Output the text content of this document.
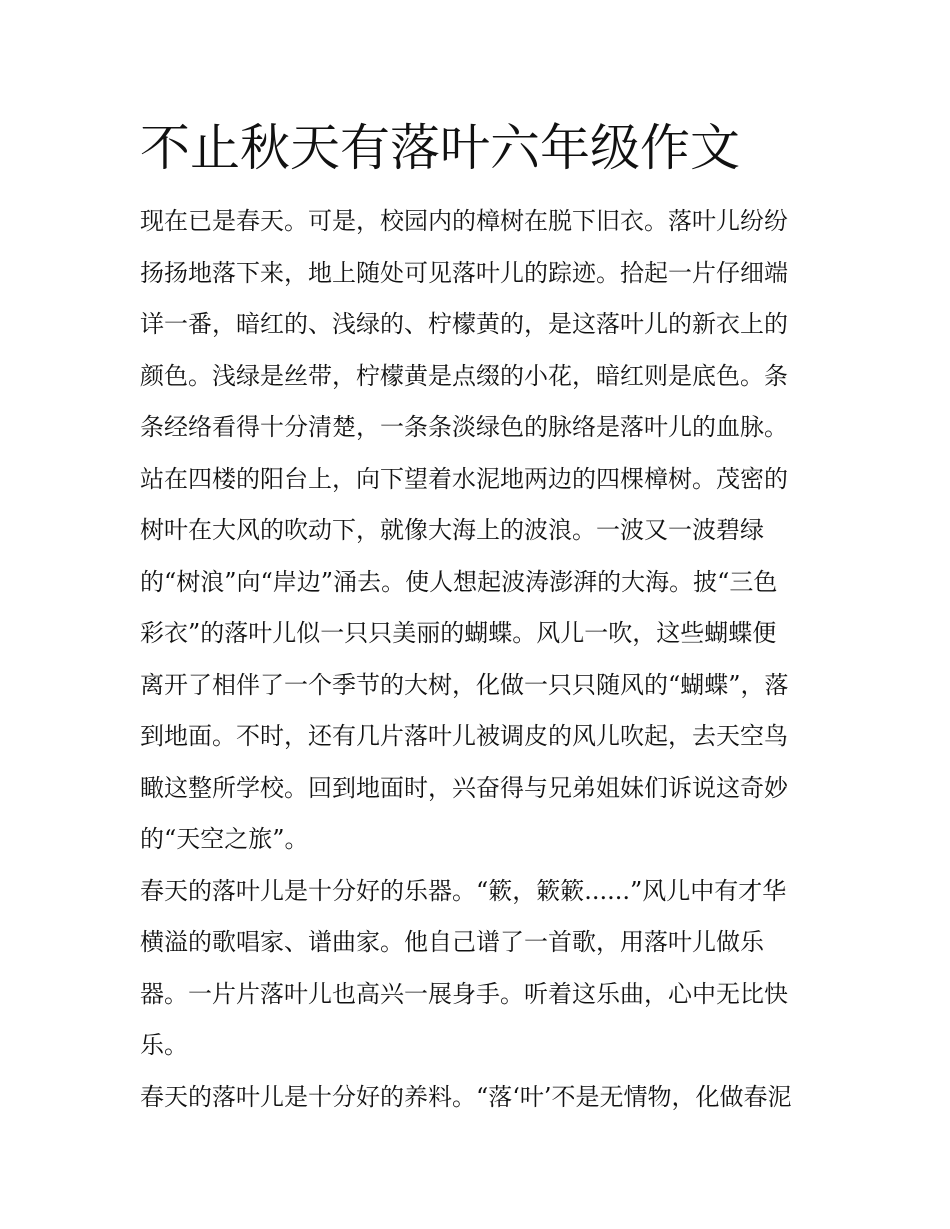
不止秋天有落叶六年级作文
现在已是春天。可是，校园内的樟树在脱下旧衣。落叶儿纷纷
扬扬地落下来，地上随处可见落叶儿的踪迹。拾起一片仔细端
详一番，暗红的、浅绿的、柠檬黄的，是这落叶儿的新衣上的
颜色。浅绿是丝带，柠檬黄是点缀的小花，暗红则是底色。条
条经络看得十分清楚，一条条淡绿色的脉络是落叶儿的血脉。
站在四楼的阳台上，向下望着水泥地两边的四棵樟树。茂密的
树叶在大风的吹动下，就像大海上的波浪。一波又一波碧绿
的“树浪”向“岸边”涌去。使人想起波涛澎湃的大海。披“三色
彩衣”的落叶儿似一只只美丽的蝴蝶。风儿一吹，这些蝴蝶便
离开了相伴了一个季节的大树，化做一只只随风的“蝴蝶”，落
到地面。不时，还有几片落叶儿被调皮的风儿吹起，去天空鸟
瞰这整所学校。回到地面时，兴奋得与兄弟姐妹们诉说这奇妙
的“天空之旅”。
春天的落叶儿是十分好的乐器。“簌，簌簌......”风儿中有才华
横溢的歌唱家、谱曲家。他自己谱了一首歌，用落叶儿做乐
器。一片片落叶儿也高兴一展身手。听着这乐曲，心中无比快
乐。
春天的落叶儿是十分好的养料。“落‘叶’不是无情物，化做春泥
